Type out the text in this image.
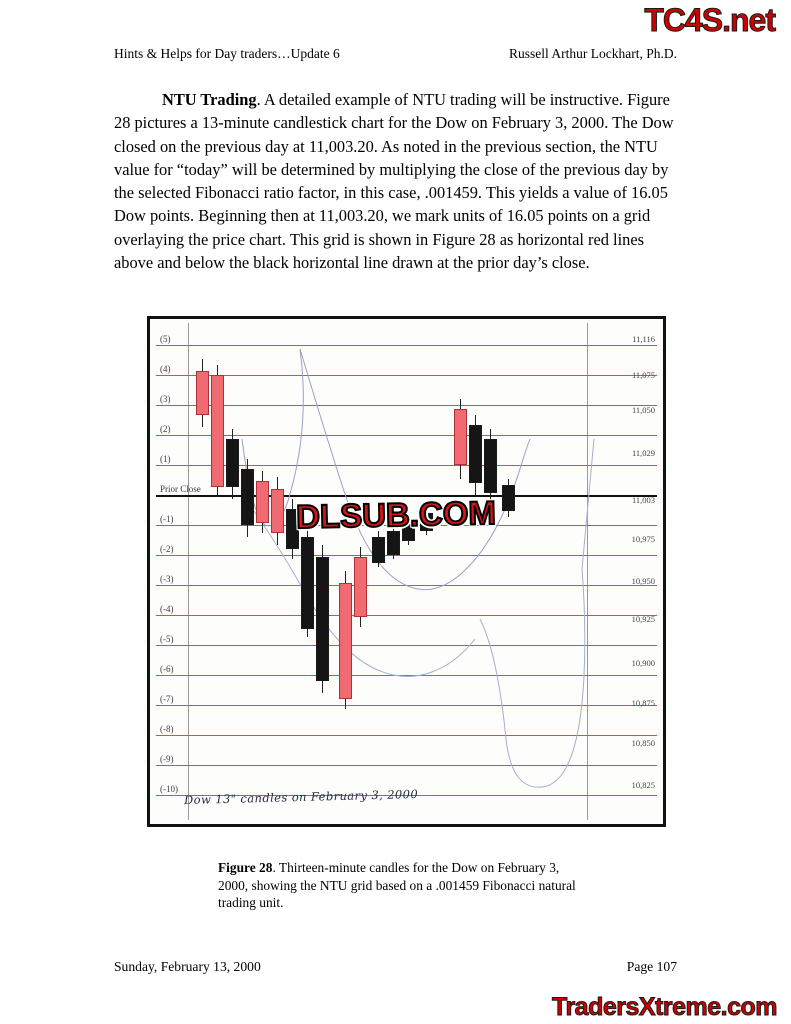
TC4S.net
Hints & Helps for Day traders…Update 6	Russell Arthur Lockhart, Ph.D.
NTU Trading. A detailed example of NTU trading will be instructive. Figure 28 pictures a 13-minute candlestick chart for the Dow on February 3, 2000. The Dow closed on the previous day at 11,003.20. As noted in the previous section, the NTU value for “today” will be determined by multiplying the close of the previous day by the selected Fibonacci ratio factor, in this case, .001459. This yields a value of 16.05 Dow points. Beginning then at 11,003.20, we mark units of 16.05 points on a grid overlaying the price chart. This grid is shown in Figure 28 as horizontal red lines above and below the black horizontal line drawn at the prior day’s close.
(5)
(4)
(3)
(2)
(1)
Prior Close
(-1)
(-2)
(-3)
(-4)
(-5)
(-6)
(-7)
(-8)
(-9)
(-10)
11,116
11,075
11,050
11,029
11,003
10,975
10,950
10,925
10,900
10,875
10,850
10,825
Dow 13" candles on February 3, 2000
DLSUB.COM
Figure 28. Thirteen-minute candles for the Dow on February 3, 2000, showing the NTU grid based on a .001459 Fibonacci natural trading unit.
Sunday, February 13, 2000	Page 107
TradersXtreme.com
